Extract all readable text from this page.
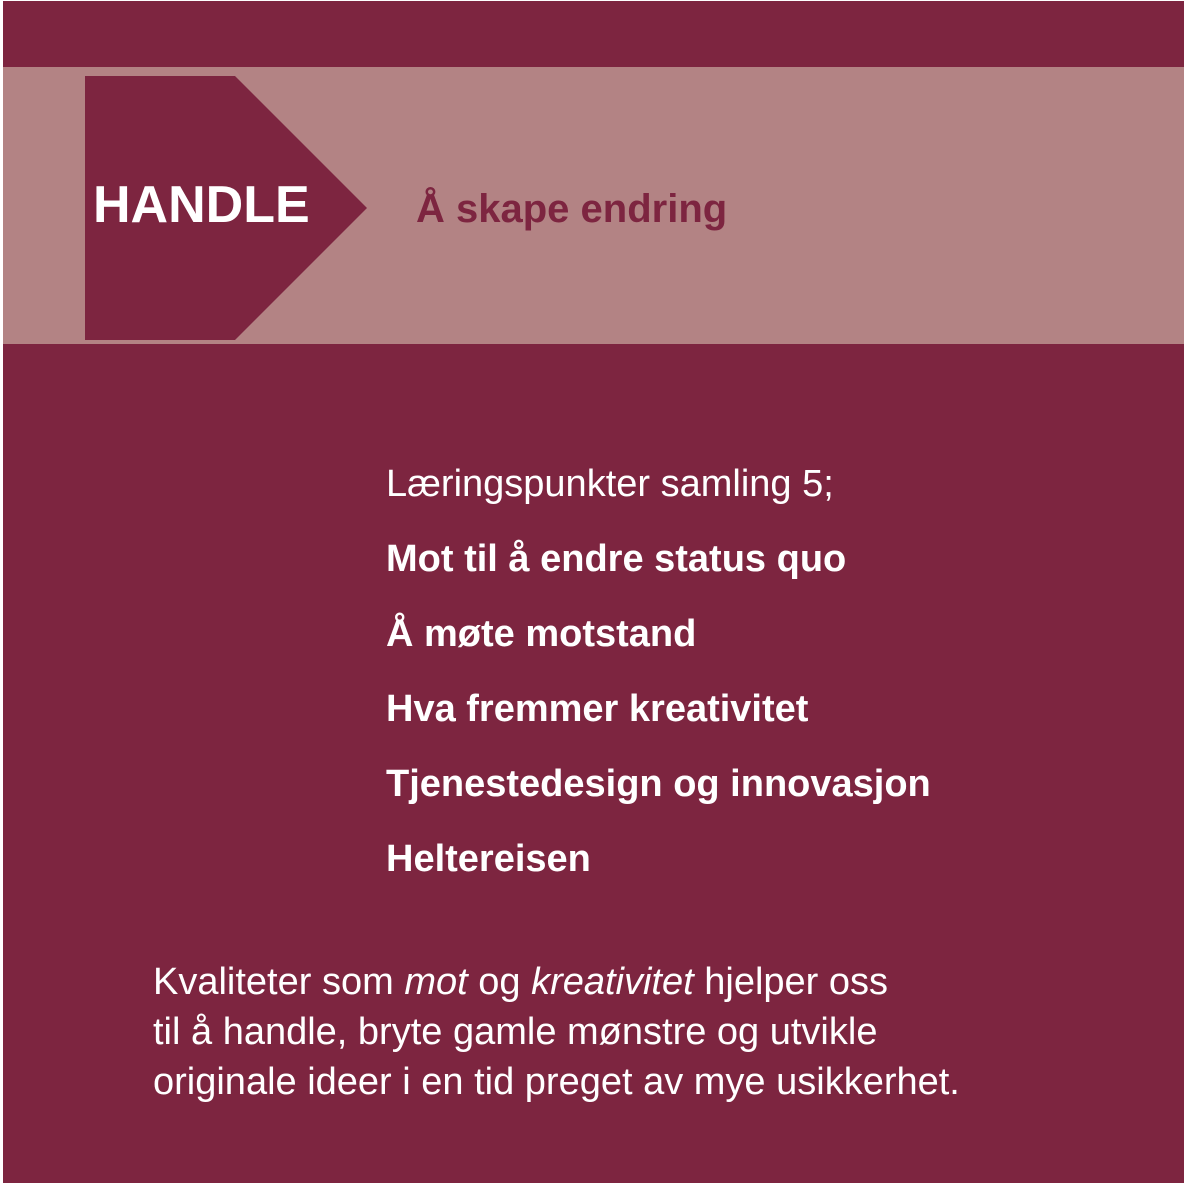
HANDLE	Å skape endring

Læringspunkter samling 5;

Mot til å endre status quo
Å møte motstand
Hva fremmer kreativitet
Tjenestedesign og innovasjon
Heltereisen

Kvaliteter som mot og kreativitet hjelper oss
til å handle, bryte gamle mønstre og utvikle
originale ideer i en tid preget av mye usikkerhet.
